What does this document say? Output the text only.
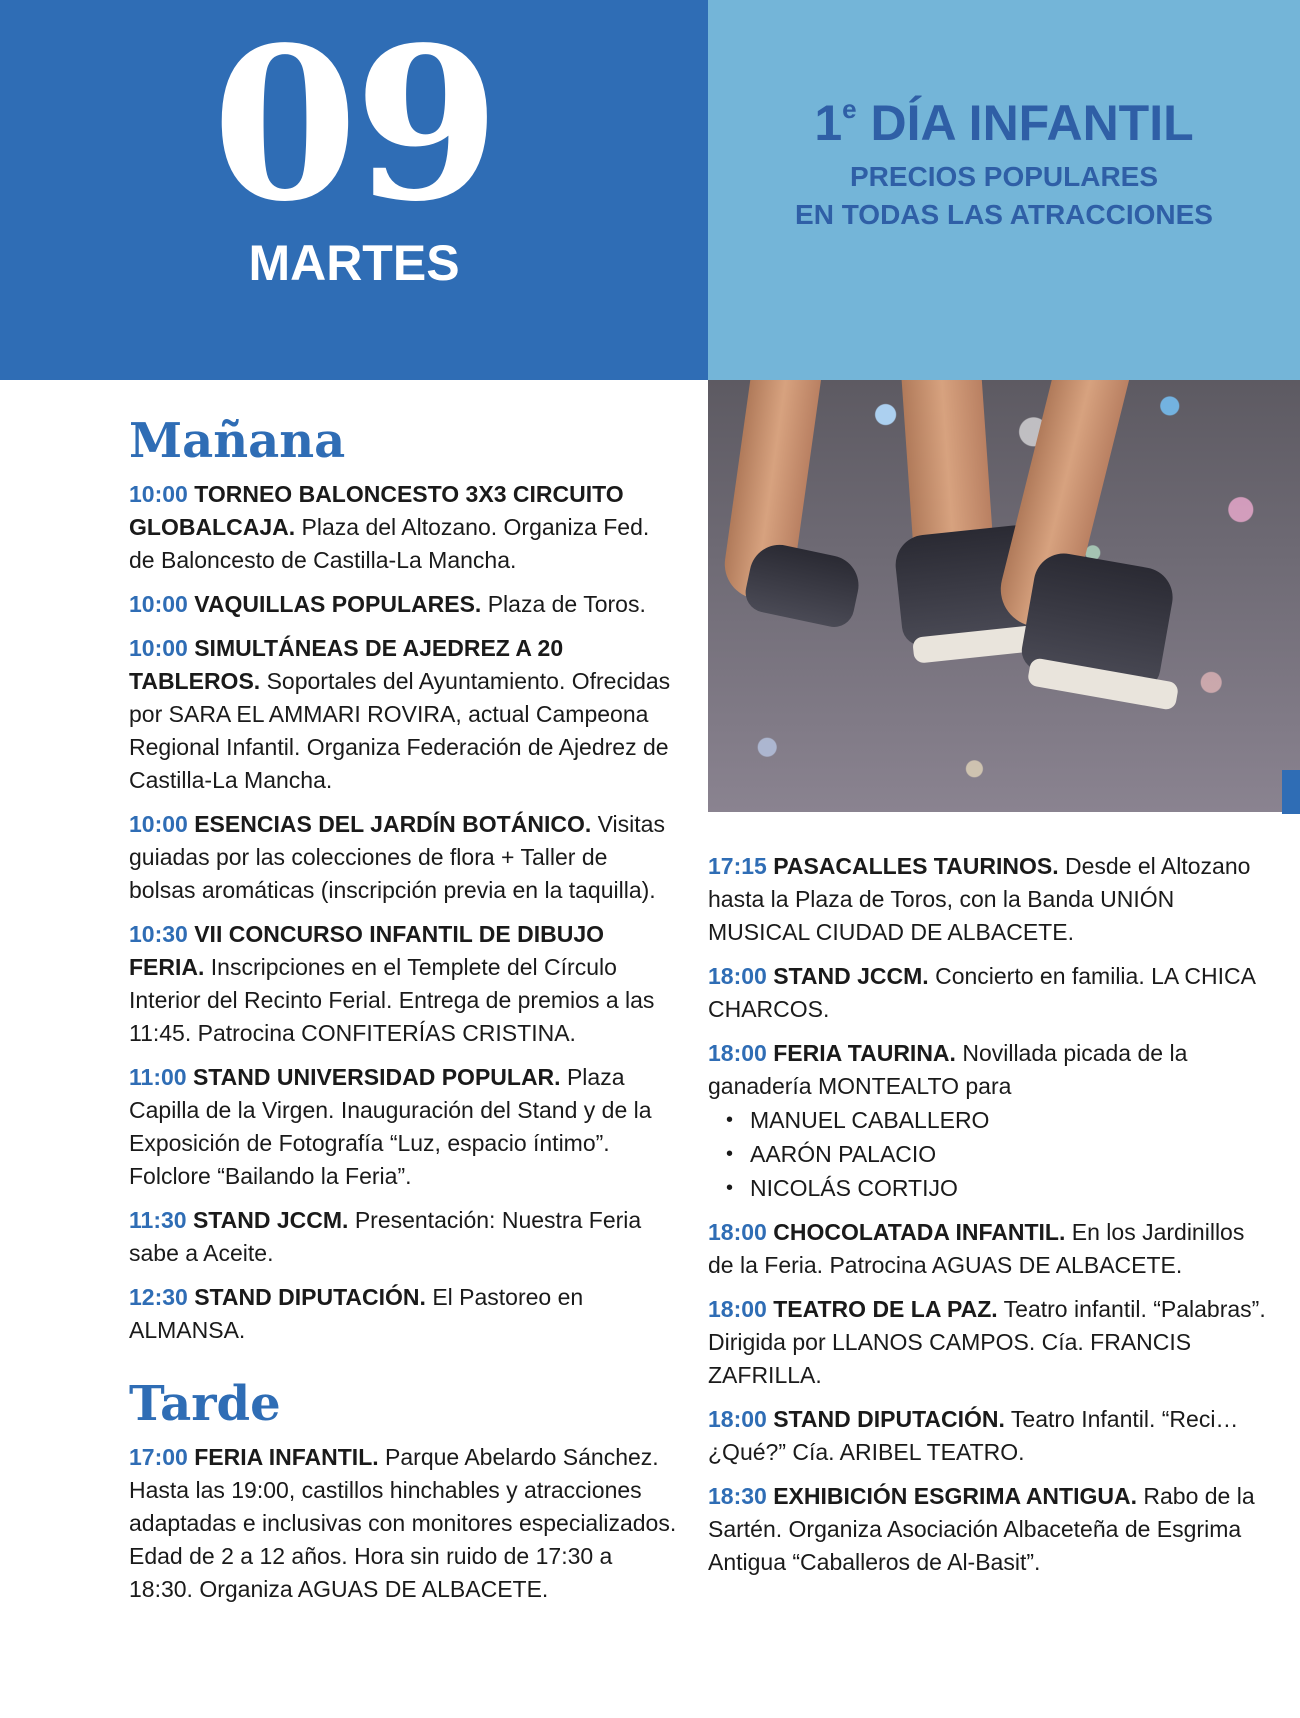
09
MARTES
1e DÍA INFANTIL
PRECIOS POPULARES
EN TODAS LAS ATRACCIONES
Mañana
10:00 TORNEO BALONCESTO 3X3 CIRCUITO GLOBALCAJA. Plaza del Altozano. Organiza Fed. de Baloncesto de Castilla-La Mancha.
10:00 VAQUILLAS POPULARES. Plaza de Toros.
10:00 SIMULTÁNEAS DE AJEDREZ A 20 TABLEROS. Soportales del Ayuntamiento. Ofrecidas por SARA EL AMMARI ROVIRA, actual Campeona Regional Infantil. Organiza Federación de Ajedrez de Castilla-La Mancha.
10:00 ESENCIAS DEL JARDÍN BOTÁNICO. Visitas guiadas por las colecciones de flora + Taller de bolsas aromáticas (inscripción previa en la taquilla).
10:30 VII CONCURSO INFANTIL DE DIBUJO FERIA. Inscripciones en el Templete del Círculo Interior del Recinto Ferial. Entrega de premios a las 11:45. Patrocina CONFITERÍAS CRISTINA.
11:00 STAND UNIVERSIDAD POPULAR. Plaza Capilla de la Virgen. Inauguración del Stand y de la Exposición de Fotografía “Luz, espacio íntimo”. Folclore “Bailando la Feria”.
11:30 STAND JCCM. Presentación: Nuestra Feria sabe a Aceite.
12:30 STAND DIPUTACIÓN. El Pastoreo en ALMANSA.
Tarde
17:00 FERIA INFANTIL. Parque Abelardo Sánchez. Hasta las 19:00, castillos hinchables y atracciones adaptadas e inclusivas con monitores especializados. Edad de 2 a 12 años. Hora sin ruido de 17:30 a 18:30. Organiza AGUAS DE ALBACETE.
17:15 PASACALLES TAURINOS. Desde el Altozano hasta la Plaza de Toros, con la Banda UNIÓN MUSICAL CIUDAD DE ALBACETE.
18:00 STAND JCCM. Concierto en familia. LA CHICA CHARCOS.
18:00 FERIA TAURINA. Novillada picada de la ganadería MONTEALTO para
• MANUEL CABALLERO
• AARÓN PALACIO
• NICOLÁS CORTIJO
18:00 CHOCOLATADA INFANTIL. En los Jardinillos de la Feria. Patrocina AGUAS DE ALBACETE.
18:00 TEATRO DE LA PAZ. Teatro infantil. “Palabras”. Dirigida por LLANOS CAMPOS. Cía. FRANCIS ZAFRILLA.
18:00 STAND DIPUTACIÓN. Teatro Infantil. “Reci…¿Qué?” Cía. ARIBEL TEATRO.
18:30 EXHIBICIÓN ESGRIMA ANTIGUA. Rabo de la Sartén. Organiza Asociación Albaceteña de Esgrima Antigua “Caballeros de Al-Basit”.
